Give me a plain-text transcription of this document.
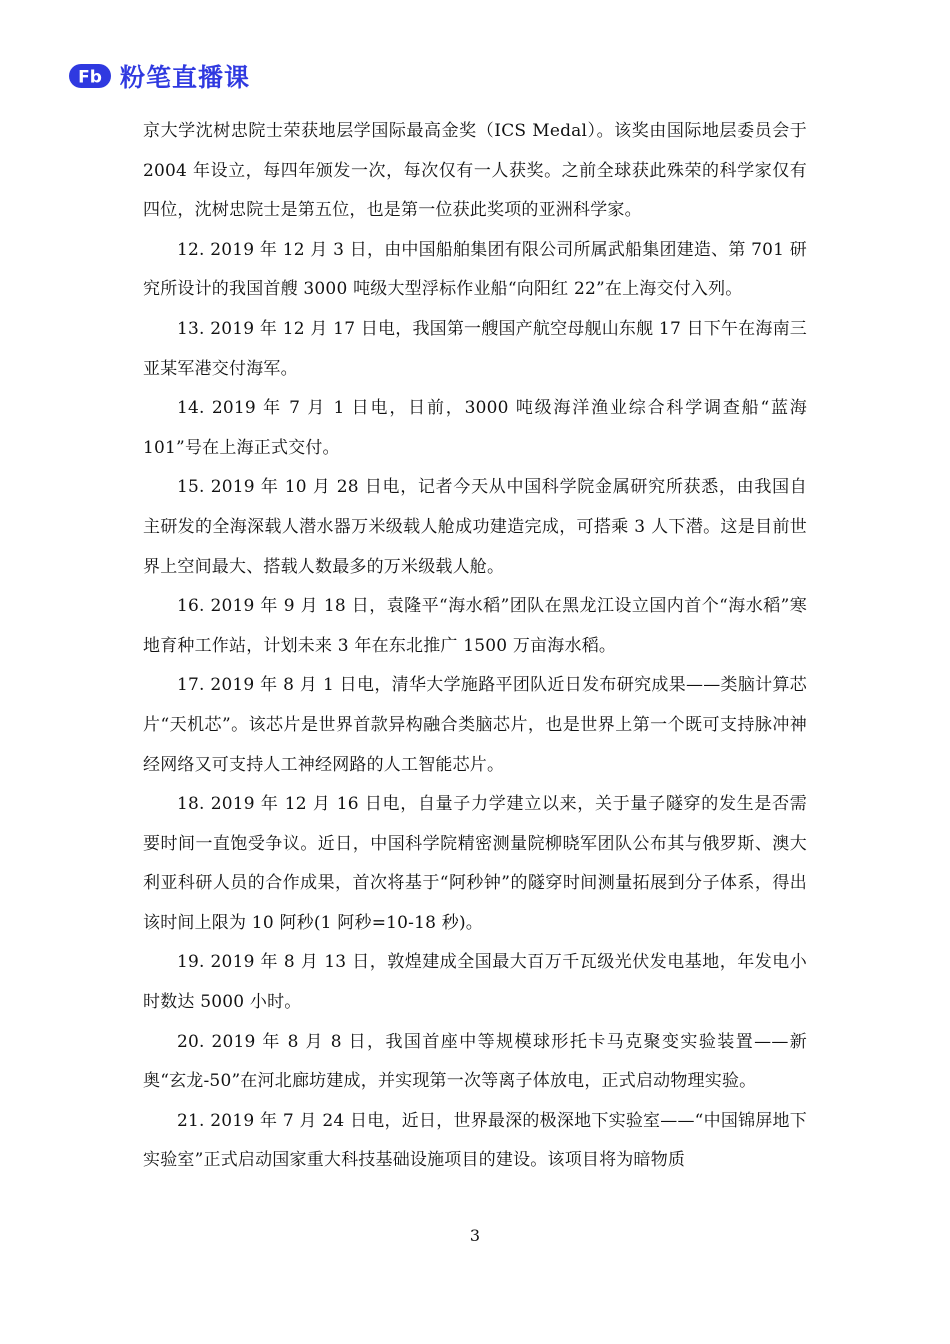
Fb 粉笔直播课

京大学沈树忠院士荣获地层学国际最高金奖（ICS Medal）。该奖由国际地层委员会于 2004 年设立，每四年颁发一次，每次仅有一人获奖。之前全球获此殊荣的科学家仅有四位，沈树忠院士是第五位，也是第一位获此奖项的亚洲科学家。

12. 2019 年 12 月 3 日，由中国船舶集团有限公司所属武船集团建造、第 701 研究所设计的我国首艘 3000 吨级大型浮标作业船“向阳红 22”在上海交付入列。

13. 2019 年 12 月 17 日电，我国第一艘国产航空母舰山东舰 17 日下午在海南三亚某军港交付海军。

14. 2019 年 7 月 1 日电，日前，3000 吨级海洋渔业综合科学调查船“蓝海 101”号在上海正式交付。

15. 2019 年 10 月 28 日电，记者今天从中国科学院金属研究所获悉，由我国自主研发的全海深载人潜水器万米级载人舱成功建造完成，可搭乘 3 人下潜。这是目前世界上空间最大、搭载人数最多的万米级载人舱。

16. 2019 年 9 月 18 日，袁隆平“海水稻”团队在黑龙江设立国内首个“海水稻”寒地育种工作站，计划未来 3 年在东北推广 1500 万亩海水稻。

17. 2019 年 8 月 1 日电，清华大学施路平团队近日发布研究成果——类脑计算芯片“天机芯”。该芯片是世界首款异构融合类脑芯片，也是世界上第一个既可支持脉冲神经网络又可支持人工神经网路的人工智能芯片。

18. 2019 年 12 月 16 日电，自量子力学建立以来，关于量子隧穿的发生是否需要时间一直饱受争议。近日，中国科学院精密测量院柳晓军团队公布其与俄罗斯、澳大利亚科研人员的合作成果，首次将基于“阿秒钟”的隧穿时间测量拓展到分子体系，得出该时间上限为 10 阿秒(1 阿秒=10-18 秒)。

19. 2019 年 8 月 13 日，敦煌建成全国最大百万千瓦级光伏发电基地，年发电小时数达 5000 小时。

20. 2019 年 8 月 8 日，我国首座中等规模球形托卡马克聚变实验装置——新奥“玄龙-50”在河北廊坊建成，并实现第一次等离子体放电，正式启动物理实验。

21. 2019 年 7 月 24 日电，近日，世界最深的极深地下实验室——“中国锦屏地下实验室”正式启动国家重大科技基础设施项目的建设。该项目将为暗物质

3
